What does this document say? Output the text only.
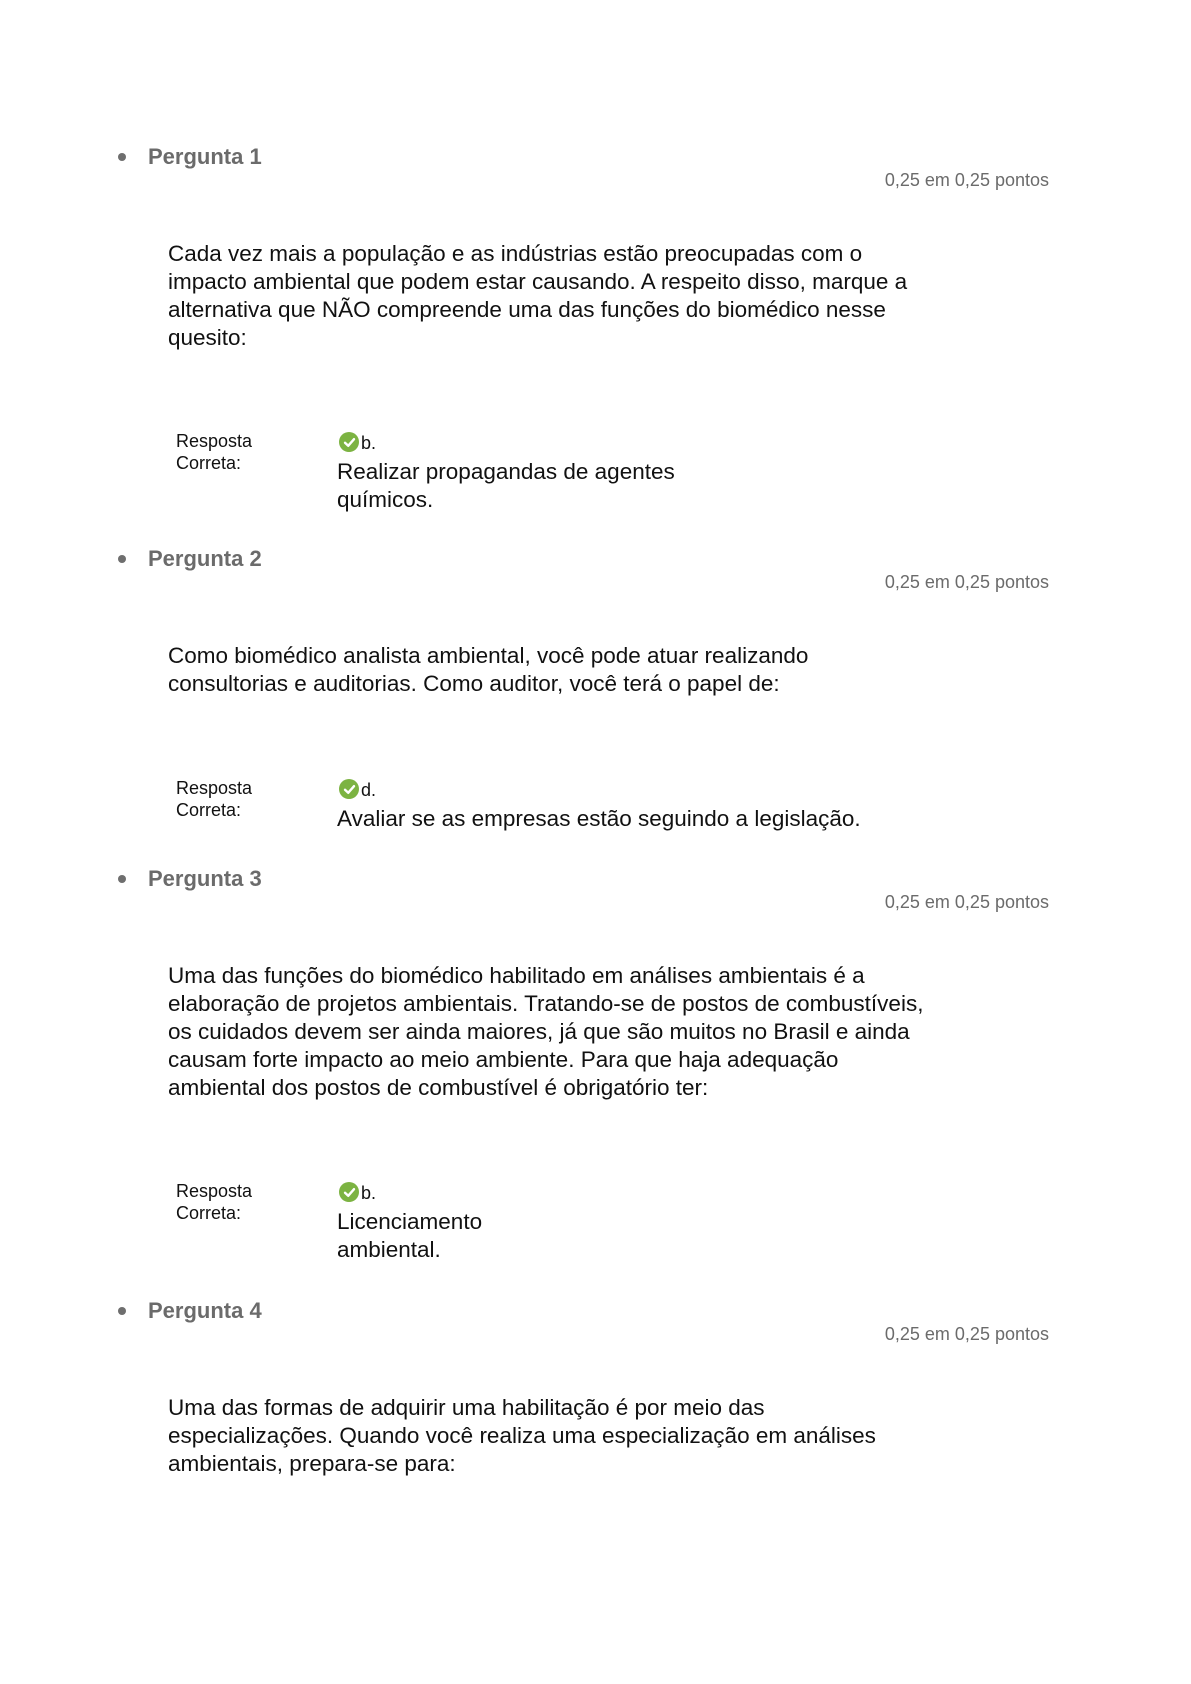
Pergunta 1
0,25 em 0,25 pontos
Cada vez mais a população e as indústrias estão preocupadas com o
impacto ambiental que podem estar causando. A respeito disso, marque a
alternativa que NÃO compreende uma das funções do biomédico nesse
quesito:
Resposta
Correta:
b.
Realizar propagandas de agentes
químicos.
Pergunta 2
0,25 em 0,25 pontos
Como biomédico analista ambiental, você pode atuar realizando
consultorias e auditorias. Como auditor, você terá o papel de:
Resposta
Correta:
d.
Avaliar se as empresas estão seguindo a legislação.
Pergunta 3
0,25 em 0,25 pontos
Uma das funções do biomédico habilitado em análises ambientais é a
elaboração de projetos ambientais. Tratando-se de postos de combustíveis,
os cuidados devem ser ainda maiores, já que são muitos no Brasil e ainda
causam forte impacto ao meio ambiente. Para que haja adequação
ambiental dos postos de combustível é obrigatório ter:
Resposta
Correta:
b.
Licenciamento
ambiental.
Pergunta 4
0,25 em 0,25 pontos
Uma das formas de adquirir uma habilitação é por meio das
especializações. Quando você realiza uma especialização em análises
ambientais, prepara-se para:
